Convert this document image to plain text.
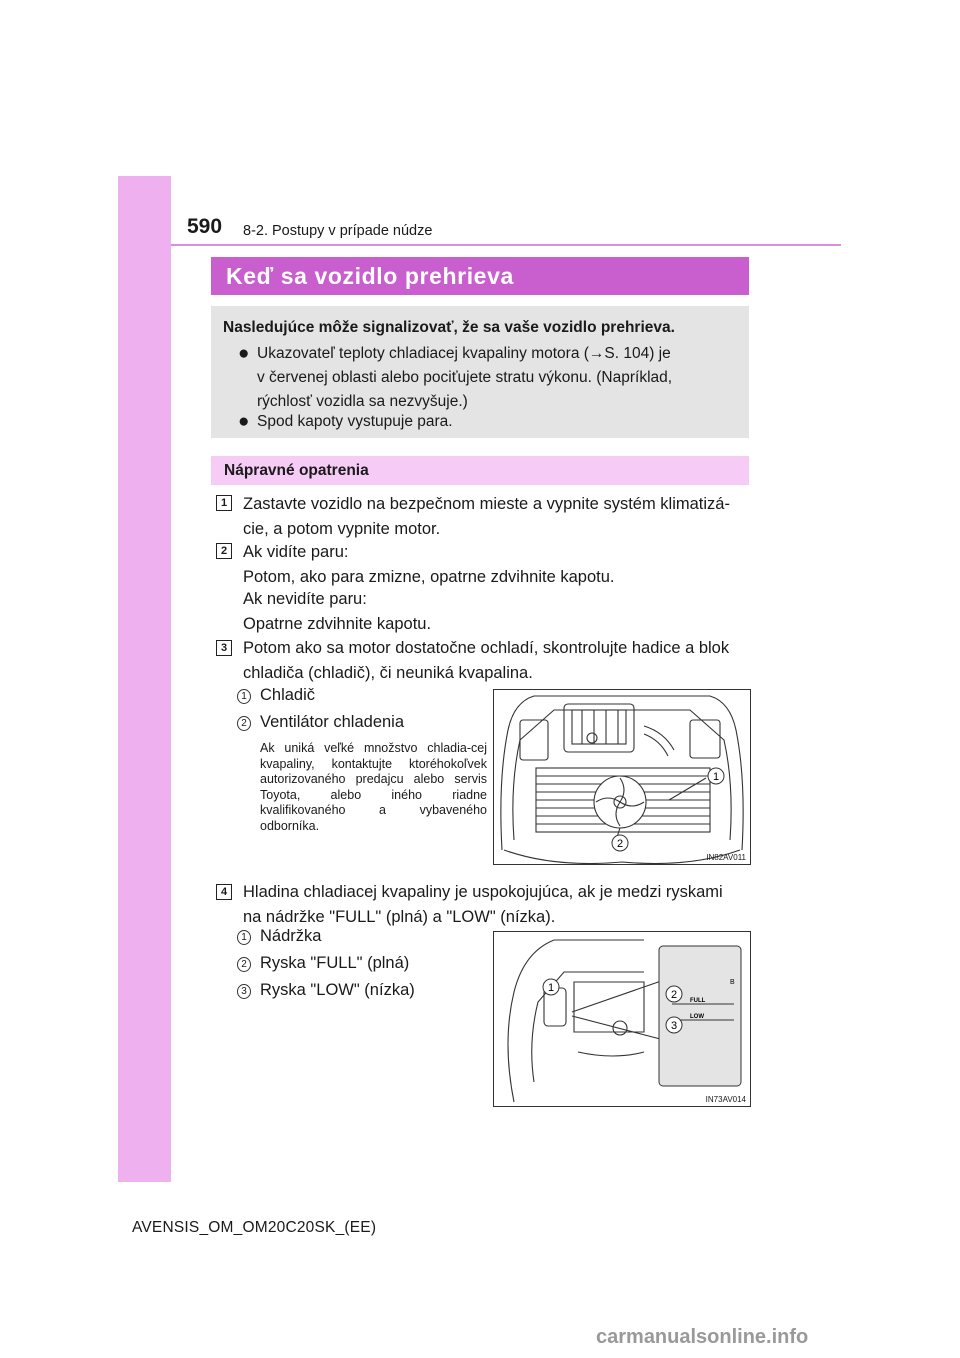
590 8-2. Postupy v prípade núdze
Keď sa vozidlo prehrieva
Nasledujúce môže signalizovať, že sa vaše vozidlo prehrieva.
● Ukazovateľ teploty chladiacej kvapaliny motora (→S. 104) je
v červenej oblasti alebo pociťujete stratu výkonu. (Napríklad,
rýchlosť vozidla sa nezvyšuje.)
● Spod kapoty vystupuje para.
Nápravné opatrenia
1 Zastavte vozidlo na bezpečnom mieste a vypnite systém klimatizá-
cie, a potom vypnite motor.
2 Ak vidíte paru:
Potom, ako para zmizne, opatrne zdvihnite kapotu.
Ak nevidíte paru:
Opatrne zdvihnite kapotu.
3 Potom ako sa motor dostatočne ochladí, skontrolujte hadice a blok
chladiča (chladič), či neuniká kvapalina.
1 Chladič
2 Ventilátor chladenia
Ak uniká veľké množstvo chladia-cej kvapaliny, kontaktujte ktoréhokoľvek autorizovaného predajcu alebo servis Toyota, alebo iného riadne kvalifikovaného a vybaveného odborníka.
1
2
IN82AV011
4 Hladina chladiacej kvapaliny je uspokojujúca, ak je medzi ryskami
na nádržke "FULL" (plná) a "LOW" (nízka).
1 Nádržka
2 Ryska "FULL" (plná)
3 Ryska "LOW" (nízka)	1
2
3
FULL
LOW
B
IN73AV014
AVENSIS_OM_OM20C20SK_(EE)
carmanualsonline.info
